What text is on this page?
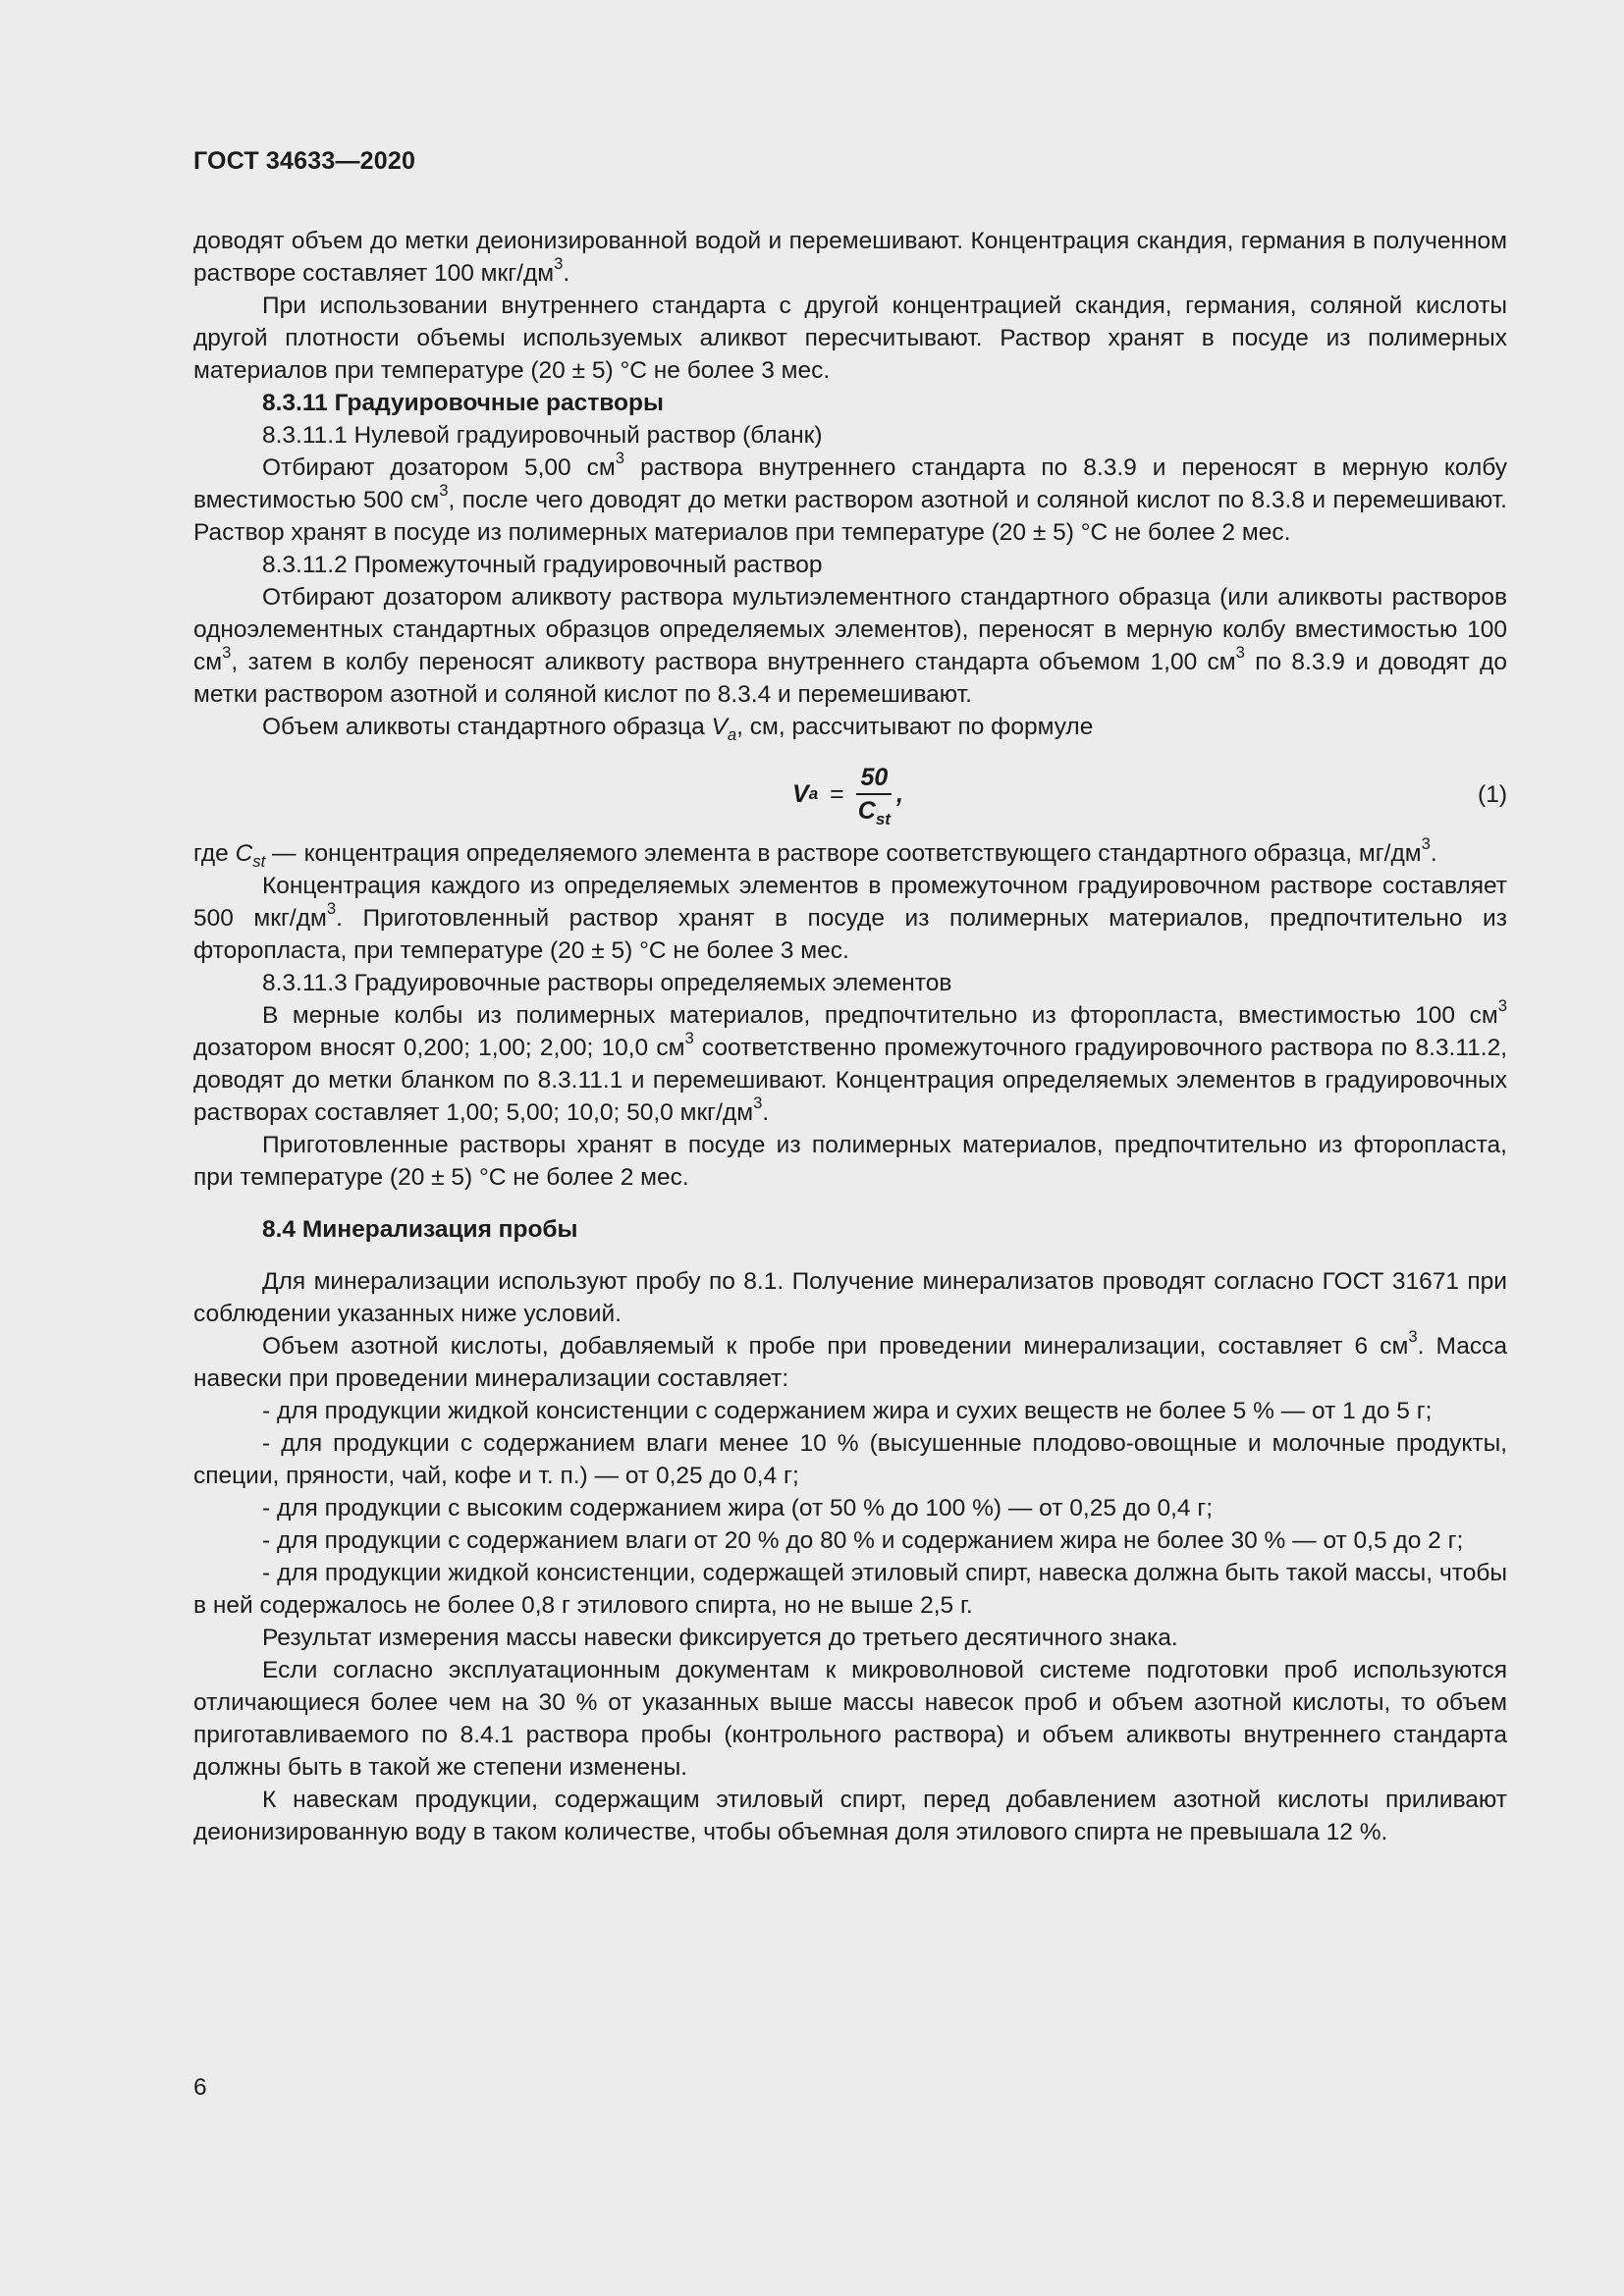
ГОСТ 34633—2020

доводят объем до метки деионизированной водой и перемешивают. Концентрация скандия, германия в полученном растворе составляет 100 мкг/$дм^3$.

При использовании внутреннего стандарта с другой концентрацией скандия, германия, соляной кислоты другой плотности объемы используемых аликвот пересчитывают. Раствор хранят в посуде из полимерных материалов при температуре (20 ± 5) °С не более 3 мес.

8.3.11 Градуировочные растворы

8.3.11.1 Нулевой градуировочный раствор (бланк)

Отбирают дозатором 5,00 $см^3$ раствора внутреннего стандарта по 8.3.9 и переносят в мерную колбу вместимостью 500 $см^3$, после чего доводят до метки раствором азотной и соляной кислот по 8.3.8 и перемешивают. Раствор хранят в посуде из полимерных материалов при температуре (20 ± 5) °С не более 2 мес.

8.3.11.2 Промежуточный градуировочный раствор

Отбирают дозатором аликвоту раствора мультиэлементного стандартного образца (или аликвоты растворов одноэлементных стандартных образцов определяемых элементов), переносят в мерную колбу вместимостью 100 $см^3$, затем в колбу переносят аликвоту раствора внутреннего стандарта объемом 1,00 $см^3$ по 8.3.9 и доводят до метки раствором азотной и соляной кислот по 8.3.4 и перемешивают.

Объем аликвоты стандартного образца $V_a$, см, рассчитывают по формуле

V $a = \frac{50}{C_{st}}$ ,	(1)
где $C_{st}$ — концентрация определяемого элемента в растворе соответствующего стандартного образца, $мг/дм^3$.

Концентрация каждого из определяемых элементов в промежуточном градуировочном растворе составляет 500 мкг/$дм^3$. Приготовленный раствор хранят в посуде из полимерных материалов, предпочтительно из фторопласта, при температуре (20 ± 5) °С не более 3 мес.

8.3.11.3 Градуировочные растворы определяемых элементов

В мерные колбы из полимерных материалов, предпочтительно из фторопласта, вместимостью 100 $см^3$ дозатором вносят 0,200; 1,00; 2,00; 10,0 $см^3$ соответственно промежуточного градуировочного раствора по 8.3.11.2, доводят до метки бланком по 8.3.11.1 и перемешивают. Концентрация определяемых элементов в градуировочных растворах составляет 1,00; 5,00; 10,0; 50,0 мкг/$дм^3$.

Приготовленные растворы хранят в посуде из полимерных материалов, предпочтительно из фторопласта, при температуре (20 ± 5) °С не более 2 мес.

8.4 Минерализация пробы

Для минерализации используют пробу по 8.1. Получение минерализатов проводят согласно ГОСТ 31671 при соблюдении указанных ниже условий.

Объем азотной кислоты, добавляемый к пробе при проведении минерализации, составляет 6 $см^3$. Масса навески при проведении минерализации составляет:

- для продукции жидкой консистенции с содержанием жира и сухих веществ не более 5 % — от 1 до 5 г;

- для продукции с содержанием влаги менее 10 % (высушенные плодово-овощные и молочные продукты, специи, пряности, чай, кофе и т. п.) — от 0,25 до 0,4 г;

- для продукции с высоким содержанием жира (от 50 % до 100 %) — от 0,25 до 0,4 г;

- для продукции с содержанием влаги от 20 % до 80 % и содержанием жира не более 30 % — от 0,5 до 2 г;

- для продукции жидкой консистенции, содержащей этиловый спирт, навеска должна быть такой массы, чтобы в ней содержалось не более 0,8 г этилового спирта, но не выше 2,5 г.

Результат измерения массы навески фиксируется до третьего десятичного знака.

Если согласно эксплуатационным документам к микроволновой системе подготовки проб используются отличающиеся более чем на 30 % от указанных выше массы навесок проб и объем азотной кислоты, то объем приготавливаемого по 8.4.1 раствора пробы (контрольного раствора) и объем аликвоты внутреннего стандарта должны быть в такой же степени изменены.

К навескам продукции, содержащим этиловый спирт, перед добавлением азотной кислоты приливают деионизированную воду в таком количестве, чтобы объемная доля этилового спирта не превышала 12 %.

6
